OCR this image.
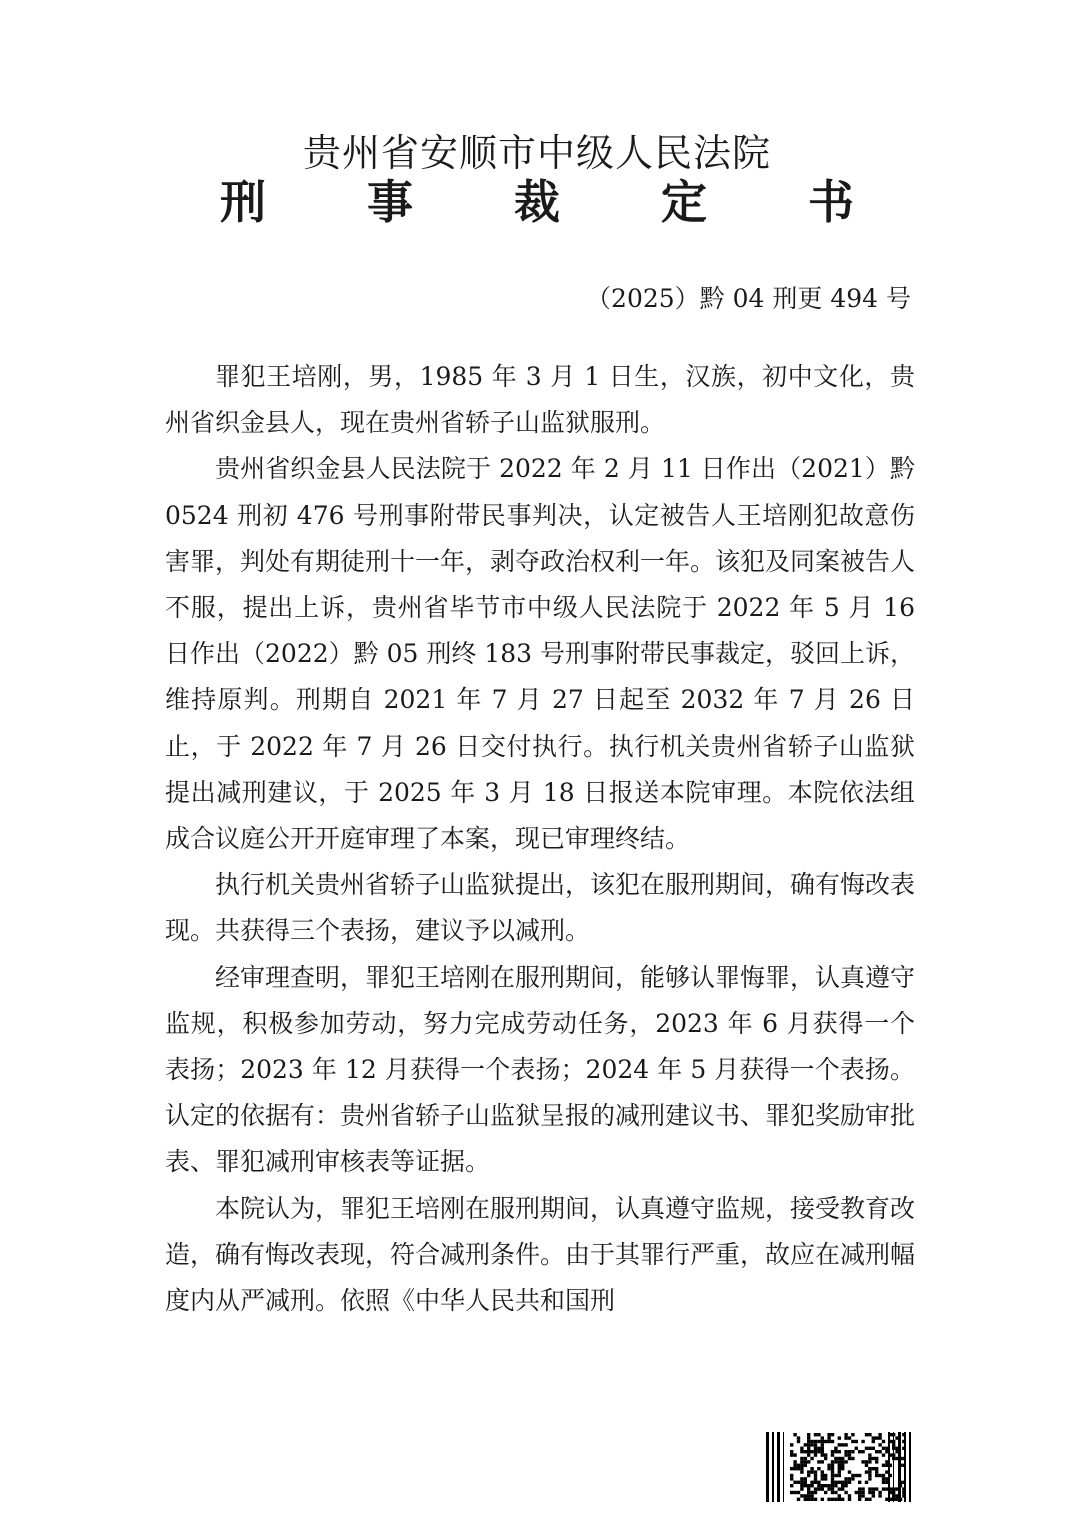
贵州省安顺市中级人民法院
刑 事 裁 定 书
（2025）黔 04 刑更 494 号

罪犯王培刚，男，1985 年 3 月 1 日生，汉族，初中文化，贵州省织金县人，现在贵州省轿子山监狱服刑。

贵州省织金县人民法院于 2022 年 2 月 11 日作出（2021）黔 0524 刑初 476 号刑事附带民事判决，认定被告人王培刚犯故意伤害罪，判处有期徒刑十一年，剥夺政治权利一年。该犯及同案被告人不服，提出上诉，贵州省毕节市中级人民法院于 2022 年 5 月 16 日作出（2022）黔 05 刑终 183 号刑事附带民事裁定，驳回上诉，维持原判。刑期自 2021 年 7 月 27 日起至 2032 年 7 月 26 日止，于 2022 年 7 月 26 日交付执行。执行机关贵州省轿子山监狱提出减刑建议，于 2025 年 3 月 18 日报送本院审理。本院依法组成合议庭公开开庭审理了本案，现已审理终结。

执行机关贵州省轿子山监狱提出，该犯在服刑期间，确有悔改表现。共获得三个表扬，建议予以减刑。

经审理查明，罪犯王培刚在服刑期间，能够认罪悔罪，认真遵守监规，积极参加劳动，努力完成劳动任务，2023 年 6 月获得一个表扬；2023 年 12 月获得一个表扬；2024 年 5 月获得一个表扬。认定的依据有：贵州省轿子山监狱呈报的减刑建议书、罪犯奖励审批表、罪犯减刑审核表等证据。

本院认为，罪犯王培刚在服刑期间，认真遵守监规，接受教育改造，确有悔改表现，符合减刑条件。由于其罪行严重，故应在减刑幅度内从严减刑。依照《中华人民共和国刑
